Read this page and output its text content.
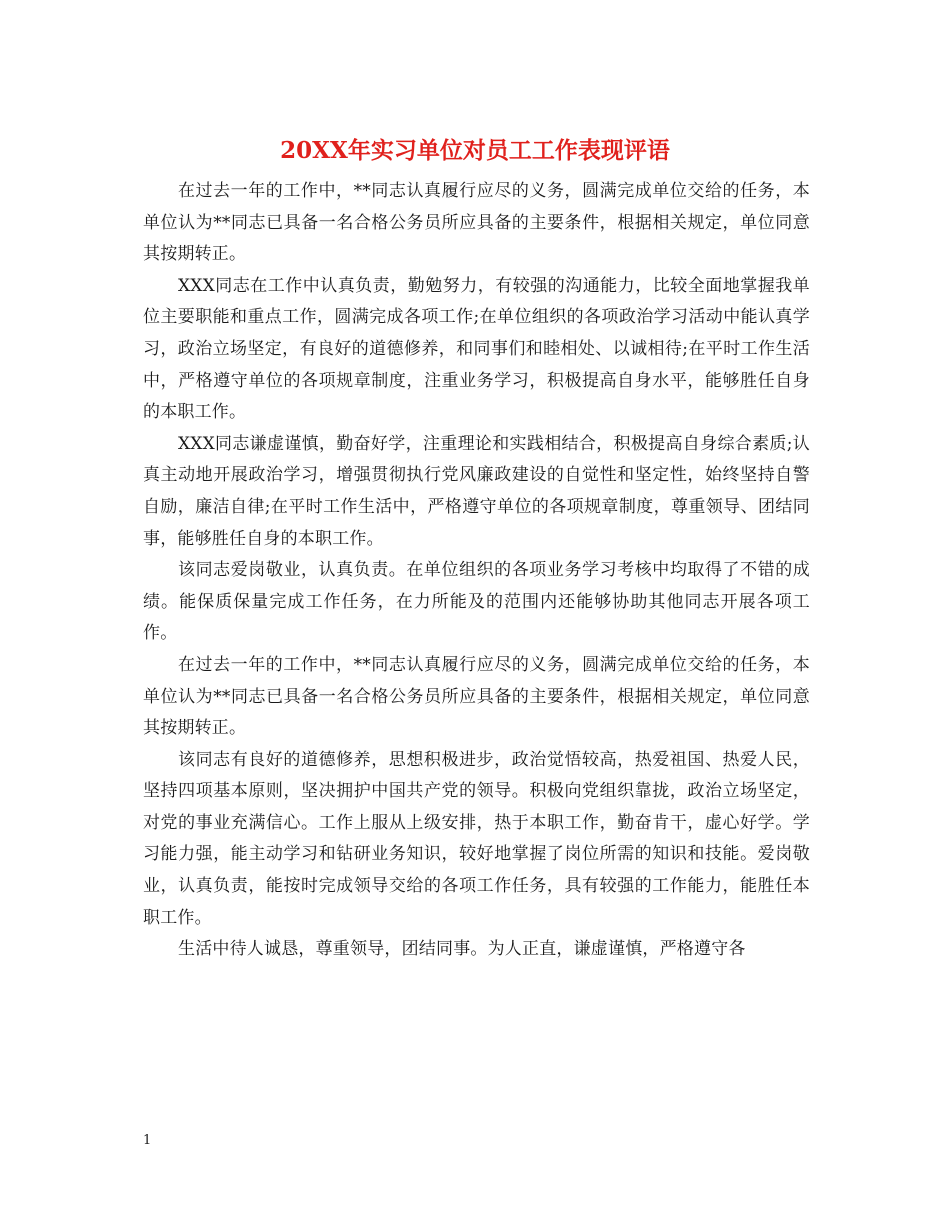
20XX年实习单位对员工工作表现评语

在过去一年的工作中，**同志认真履行应尽的义务，圆满完成单位交给的任务，本单位认为**同志已具备一名合格公务员所应具备的主要条件，根据相关规定，单位同意其按期转正。

XXX同志在工作中认真负责，勤勉努力，有较强的沟通能力，比较全面地掌握我单位主要职能和重点工作，圆满完成各项工作;在单位组织的各项政治学习活动中能认真学习，政治立场坚定，有良好的道德修养，和同事们和睦相处、以诚相待;在平时工作生活中，严格遵守单位的各项规章制度，注重业务学习，积极提高自身水平，能够胜任自身的本职工作。

XXX同志谦虚谨慎，勤奋好学，注重理论和实践相结合，积极提高自身综合素质;认真主动地开展政治学习，增强贯彻执行党风廉政建设的自觉性和坚定性，始终坚持自警自励，廉洁自律;在平时工作生活中，严格遵守单位的各项规章制度，尊重领导、团结同事，能够胜任自身的本职工作。

该同志爱岗敬业，认真负责。在单位组织的各项业务学习考核中均取得了不错的成绩。能保质保量完成工作任务，在力所能及的范围内还能够协助其他同志开展各项工作。

在过去一年的工作中，**同志认真履行应尽的义务，圆满完成单位交给的任务，本单位认为**同志已具备一名合格公务员所应具备的主要条件，根据相关规定，单位同意其按期转正。

该同志有良好的道德修养，思想积极进步，政治觉悟较高，热爱祖国、热爱人民，坚持四项基本原则，坚决拥护中国共产党的领导。积极向党组织靠拢，政治立场坚定，对党的事业充满信心。工作上服从上级安排，热于本职工作，勤奋肯干，虚心好学。学习能力强，能主动学习和钻研业务知识，较好地掌握了岗位所需的知识和技能。爱岗敬业，认真负责，能按时完成领导交给的各项工作任务，具有较强的工作能力，能胜任本职工作。

生活中待人诚恳，尊重领导，团结同事。为人正直，谦虚谨慎，严格遵守各

1
